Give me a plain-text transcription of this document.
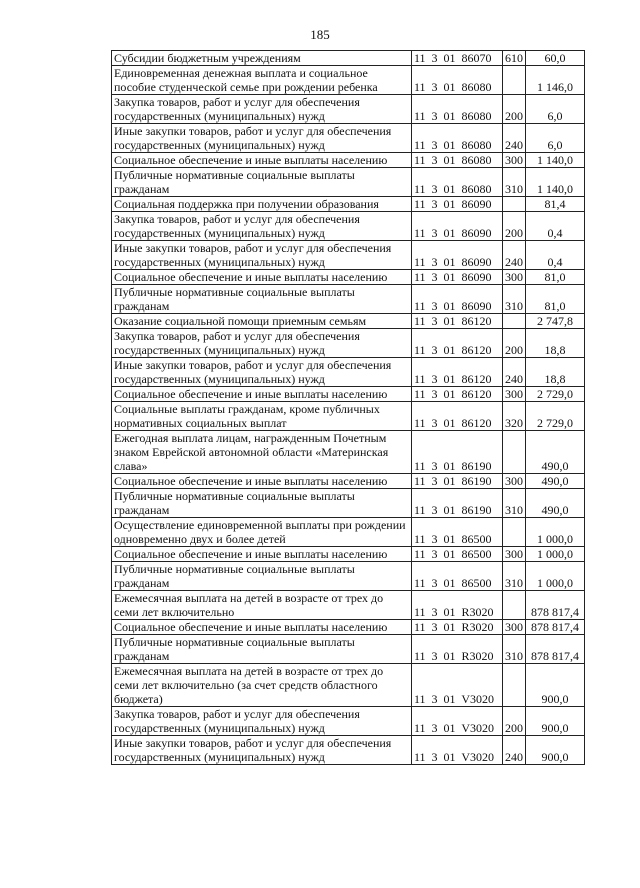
185
Субсидии бюджетным учреждениям	11  3  01  86070	610	60,0
Единовременная денежная выплата и социальное пособие студенческой семье при рождении ребенка	11  3  01  86080		1 146,0
Закупка товаров, работ и услуг для обеспечения государственных (муниципальных) нужд	11  3  01  86080	200	6,0
Иные закупки товаров, работ и услуг для обеспечения государственных (муниципальных) нужд	11  3  01  86080	240	6,0
Социальное обеспечение и иные выплаты населению	11  3  01  86080	300	1 140,0
Публичные нормативные социальные выплаты гражданам	11  3  01  86080	310	1 140,0
Социальная поддержка при получении образования	11  3  01  86090		81,4
Закупка товаров, работ и услуг для обеспечения государственных (муниципальных) нужд	11  3  01  86090	200	0,4
Иные закупки товаров, работ и услуг для обеспечения государственных (муниципальных) нужд	11  3  01  86090	240	0,4
Социальное обеспечение и иные выплаты населению	11  3  01  86090	300	81,0
Публичные нормативные социальные выплаты гражданам	11  3  01  86090	310	81,0
Оказание социальной помощи приемным семьям	11  3  01  86120		2 747,8
Закупка товаров, работ и услуг для обеспечения государственных (муниципальных) нужд	11  3  01  86120	200	18,8
Иные закупки товаров, работ и услуг для обеспечения государственных (муниципальных) нужд	11  3  01  86120	240	18,8
Социальное обеспечение и иные выплаты населению	11  3  01  86120	300	2 729,0
Социальные выплаты гражданам, кроме публичных нормативных социальных выплат	11  3  01  86120	320	2 729,0
Ежегодная выплата лицам, награжденным Почетным знаком Еврейской автономной области «Материнская слава»	11  3  01  86190		490,0
Социальное обеспечение и иные выплаты населению	11  3  01  86190	300	490,0
Публичные нормативные социальные выплаты гражданам	11  3  01  86190	310	490,0
Осуществление единовременной выплаты при рождении одновременно двух и более детей	11  3  01  86500		1 000,0
Социальное обеспечение и иные выплаты населению	11  3  01  86500	300	1 000,0
Публичные нормативные социальные выплаты гражданам	11  3  01  86500	310	1 000,0
Ежемесячная выплата на детей в возрасте от трех до семи лет включительно	11  3  01  R3020		878 817,4
Социальное обеспечение и иные выплаты населению	11  3  01  R3020	300	878 817,4
Публичные нормативные социальные выплаты гражданам	11  3  01  R3020	310	878 817,4
Ежемесячная выплата на детей в возрасте от трех до семи лет включительно (за счет средств областного бюджета)	11  3  01  V3020		900,0
Закупка товаров, работ и услуг для обеспечения государственных (муниципальных) нужд	11  3  01  V3020	200	900,0
Иные закупки товаров, работ и услуг для обеспечения государственных (муниципальных) нужд	11  3  01  V3020	240	900,0
